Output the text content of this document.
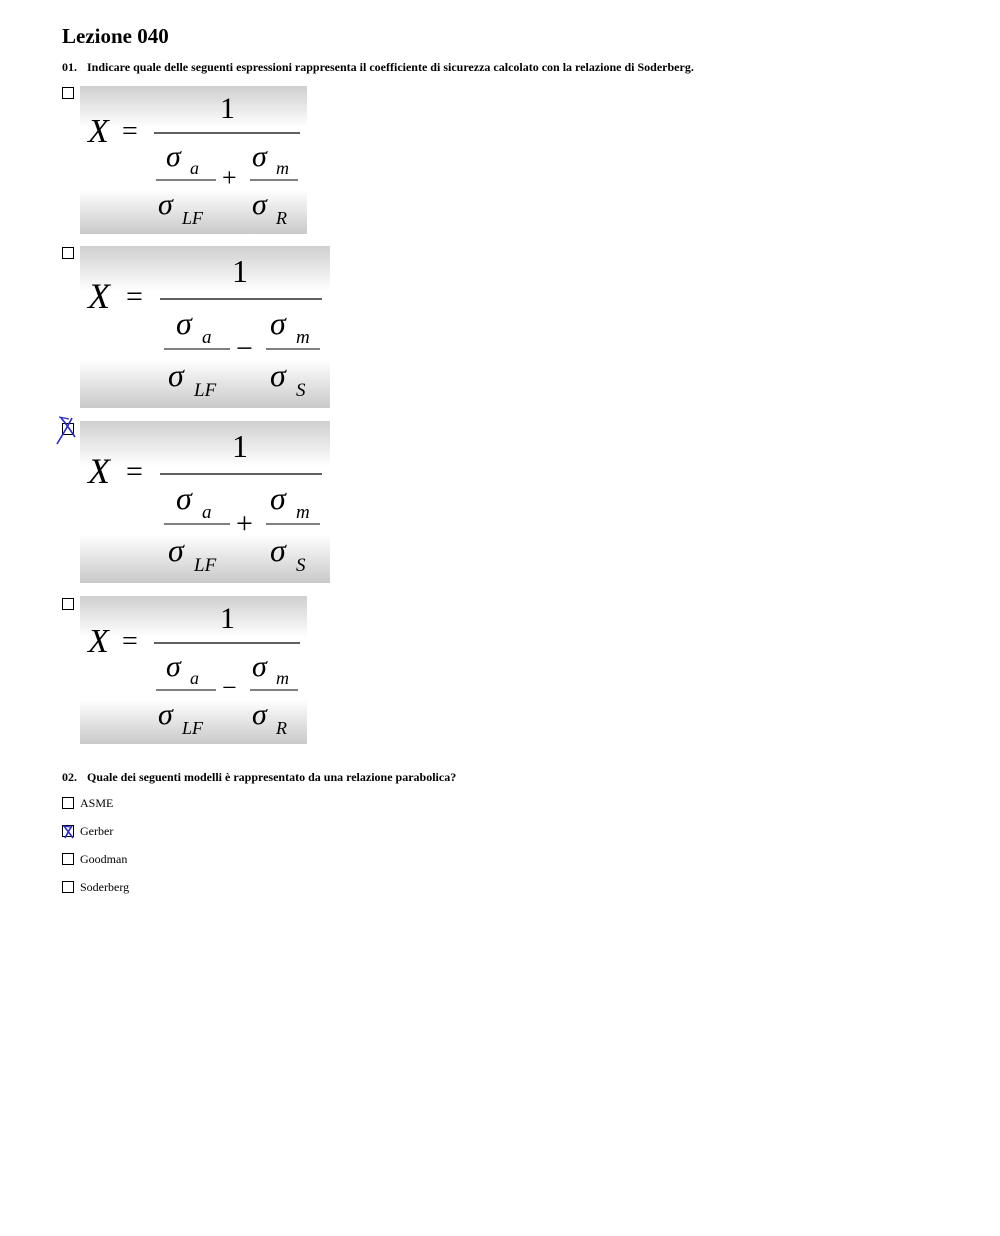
Lezione 040
01. Indicare quale delle seguenti espressioni rappresenta il coefficiente di sicurezza calcolato con la relazione di Soderberg.
X =
1
σ a
σ LF
+
σ m
σ R
X =
1
σ a
σ LF
−
σ m
σ S
X =
1
σ a
σ LF
+
σ m
σ S
X =
1
σ a
σ LF
−
σ m
σ R
02. Quale dei seguenti modelli è rappresentato da una relazione parabolica?
ASME
Gerber
Goodman
Soderberg
